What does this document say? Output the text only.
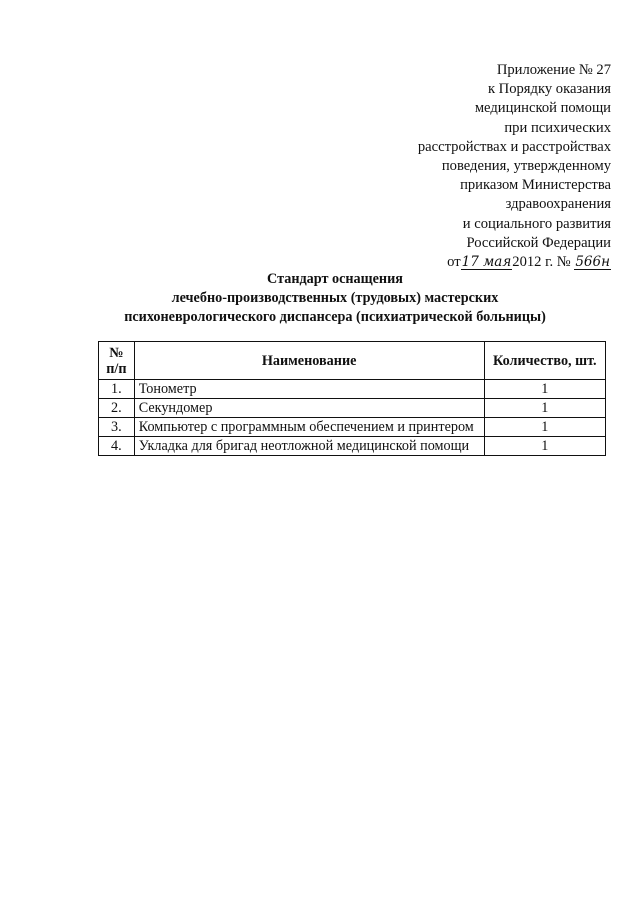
Приложение № 27
к Порядку оказания
медицинской помощи
при психических
расстройствах и расстройствах
поведения, утвержденному
приказом Министерства
здравоохранения
и социального развития
Российской Федерации
от17 мая2012 г. № 566н
Стандарт оснащения
лечебно-производственных (трудовых) мастерских
психоневрологического диспансера (психиатрической больницы)
№
п/п	Наименование	Количество, шт.
1.	Тонометр	1
2.	Секундомер	1
3.	Компьютер с программным обеспечением и принтером	1
4.	Укладка для бригад неотложной медицинской помощи	1
